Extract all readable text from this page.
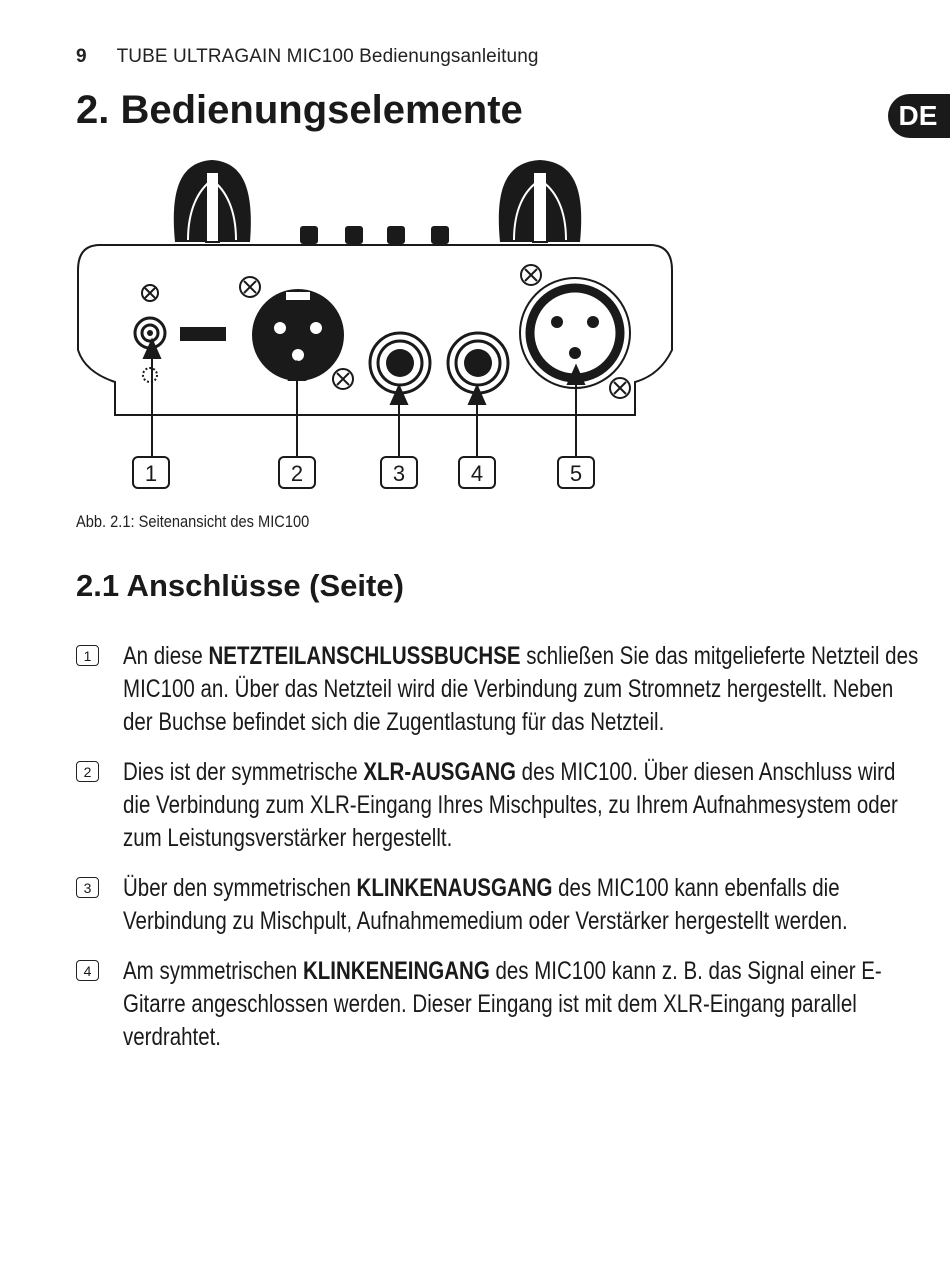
9 TUBE ULTRAGAIN MIC100 Bedienungsanleitung
DE
2. Bedienungselemente
1	2	3	4	5
Abb. 2.1: Seitenansicht des MIC100
2.1 Anschlüsse (Seite)
1	An diese NETZTEILANSCHLUSSBUCHSE schließen Sie das mitgelieferte Netzteil des MIC100 an. Über das Netzteil wird die Verbindung zum Stromnetz hergestellt. Neben der Buchse befindet sich die Zugentlastung für das Netzteil.
2	Dies ist der symmetrische XLR-AUSGANG des MIC100. Über diesen Anschluss wird die Verbindung zum XLR-Eingang Ihres Mischpultes, zu Ihrem Aufnahmesystem oder zum Leistungsverstärker hergestellt.
3	Über den symmetrischen KLINKENAUSGANG des MIC100 kann ebenfalls die Verbindung zu Mischpult, Aufnahmemedium oder Verstärker hergestellt werden.
4	Am symmetrischen KLINKENEINGANG des MIC100 kann z. B. das Signal einer E-Gitarre angeschlossen werden. Dieser Eingang ist mit dem XLR-Eingang parallel verdrahtet.
